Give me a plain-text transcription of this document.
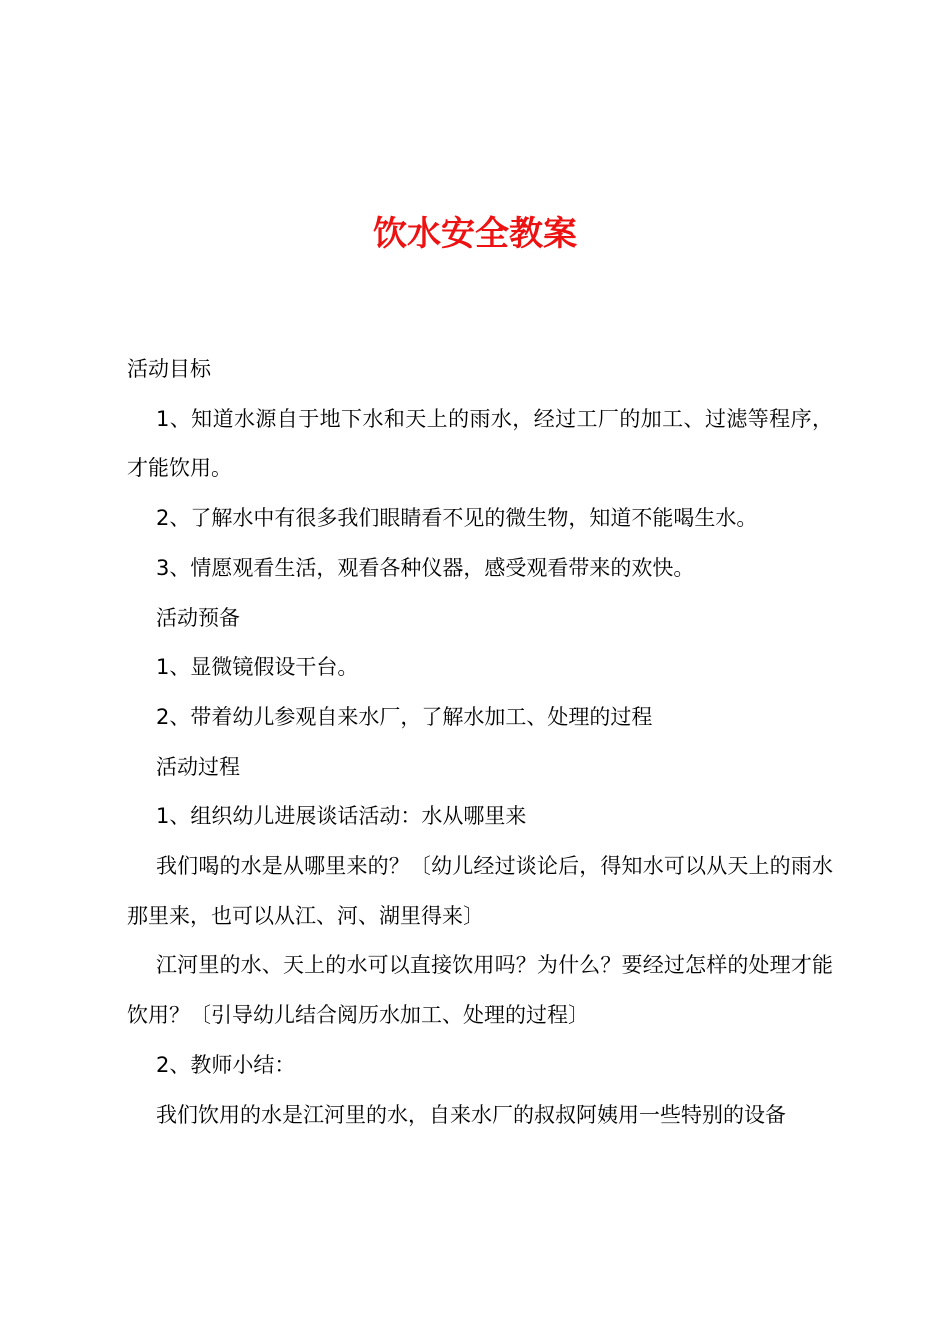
饮水安全教案

活动目标

1、知道水源自于地下水和天上的雨水，经过工厂的加工、过滤等程序，才能饮用。

2、了解水中有很多我们眼睛看不见的微生物，知道不能喝生水。

3、情愿观看生活，观看各种仪器，感受观看带来的欢快。

活动预备

1、显微镜假设干台。

2、带着幼儿参观自来水厂，了解水加工、处理的过程

活动过程

1、组织幼儿进展谈话活动：水从哪里来

我们喝的水是从哪里来的？〔幼儿经过谈论后，得知水可以从天上的雨水那里来，也可以从江、河、湖里得来〕

江河里的水、天上的水可以直接饮用吗？为什么？要经过怎样的处理才能饮用？〔引导幼儿结合阅历水加工、处理的过程〕

2、教师小结：

我们饮用的水是江河里的水，自来水厂的叔叔阿姨用一些特别的设备
